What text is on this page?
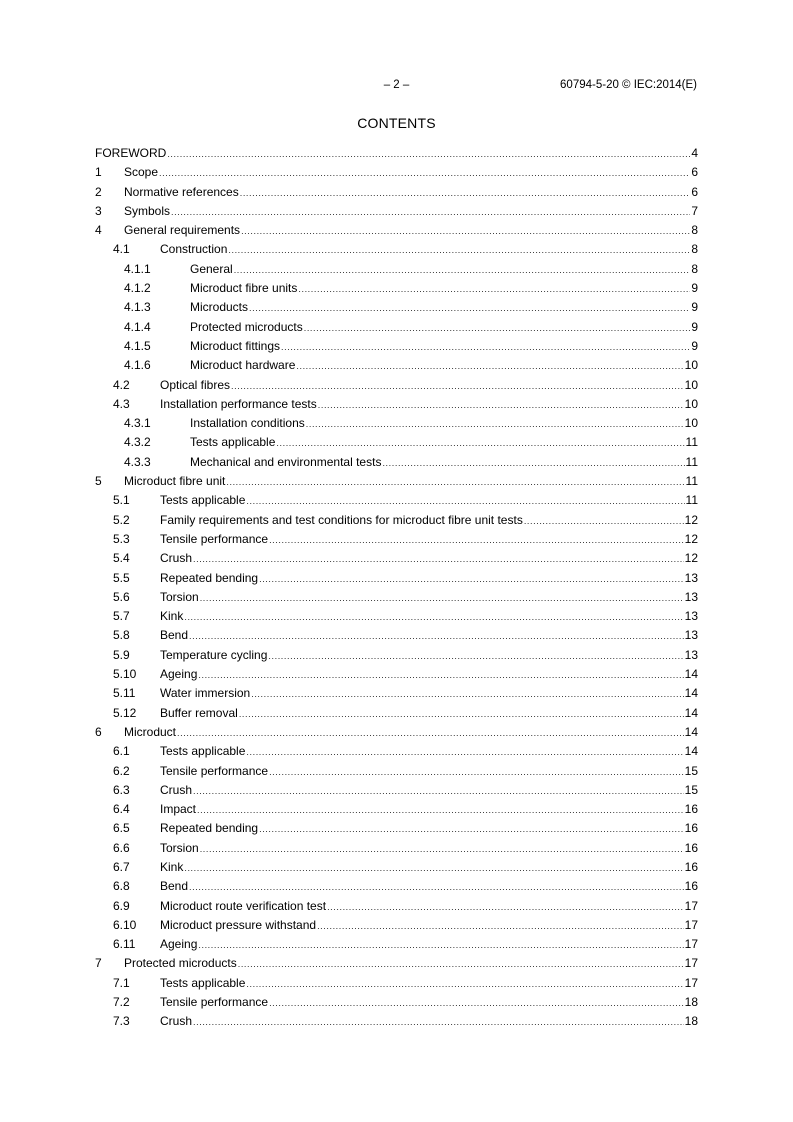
– 2 –	60794-5-20 © IEC:2014(E)
CONTENTS
FOREWORD .....	4
1	Scope .....	6
2	Normative references .....	6
3	Symbols .....	7
4	General requirements .....	8
4.1	Construction .....	8
4.1.1	General .....	8
4.1.2	Microduct fibre units .....	9
4.1.3	Microducts .....	9
4.1.4	Protected microducts .....	9
4.1.5	Microduct fittings .....	9
4.1.6	Microduct hardware .....	10
4.2	Optical fibres .....	10
4.3	Installation performance tests .....	10
4.3.1	Installation conditions .....	10
4.3.2	Tests applicable .....	11
4.3.3	Mechanical and environmental tests .....	11
5	Microduct fibre unit .....	11
5.1	Tests applicable .....	11
5.2	Family requirements and test conditions for microduct fibre unit tests .....	12
5.3	Tensile performance .....	12
5.4	Crush .....	12
5.5	Repeated bending .....	13
5.6	Torsion .....	13
5.7	Kink .....	13
5.8	Bend .....	13
5.9	Temperature cycling .....	13
5.10	Ageing .....	14
5.11	Water immersion .....	14
5.12	Buffer removal .....	14
6	Microduct .....	14
6.1	Tests applicable .....	14
6.2	Tensile performance .....	15
6.3	Crush .....	15
6.4	Impact .....	16
6.5	Repeated bending .....	16
6.6	Torsion .....	16
6.7	Kink .....	16
6.8	Bend .....	16
6.9	Microduct route verification test .....	17
6.10	Microduct pressure withstand .....	17
6.11	Ageing .....	17
7	Protected microducts .....	17
7.1	Tests applicable .....	17
7.2	Tensile performance .....	18
7.3	Crush .....	18
